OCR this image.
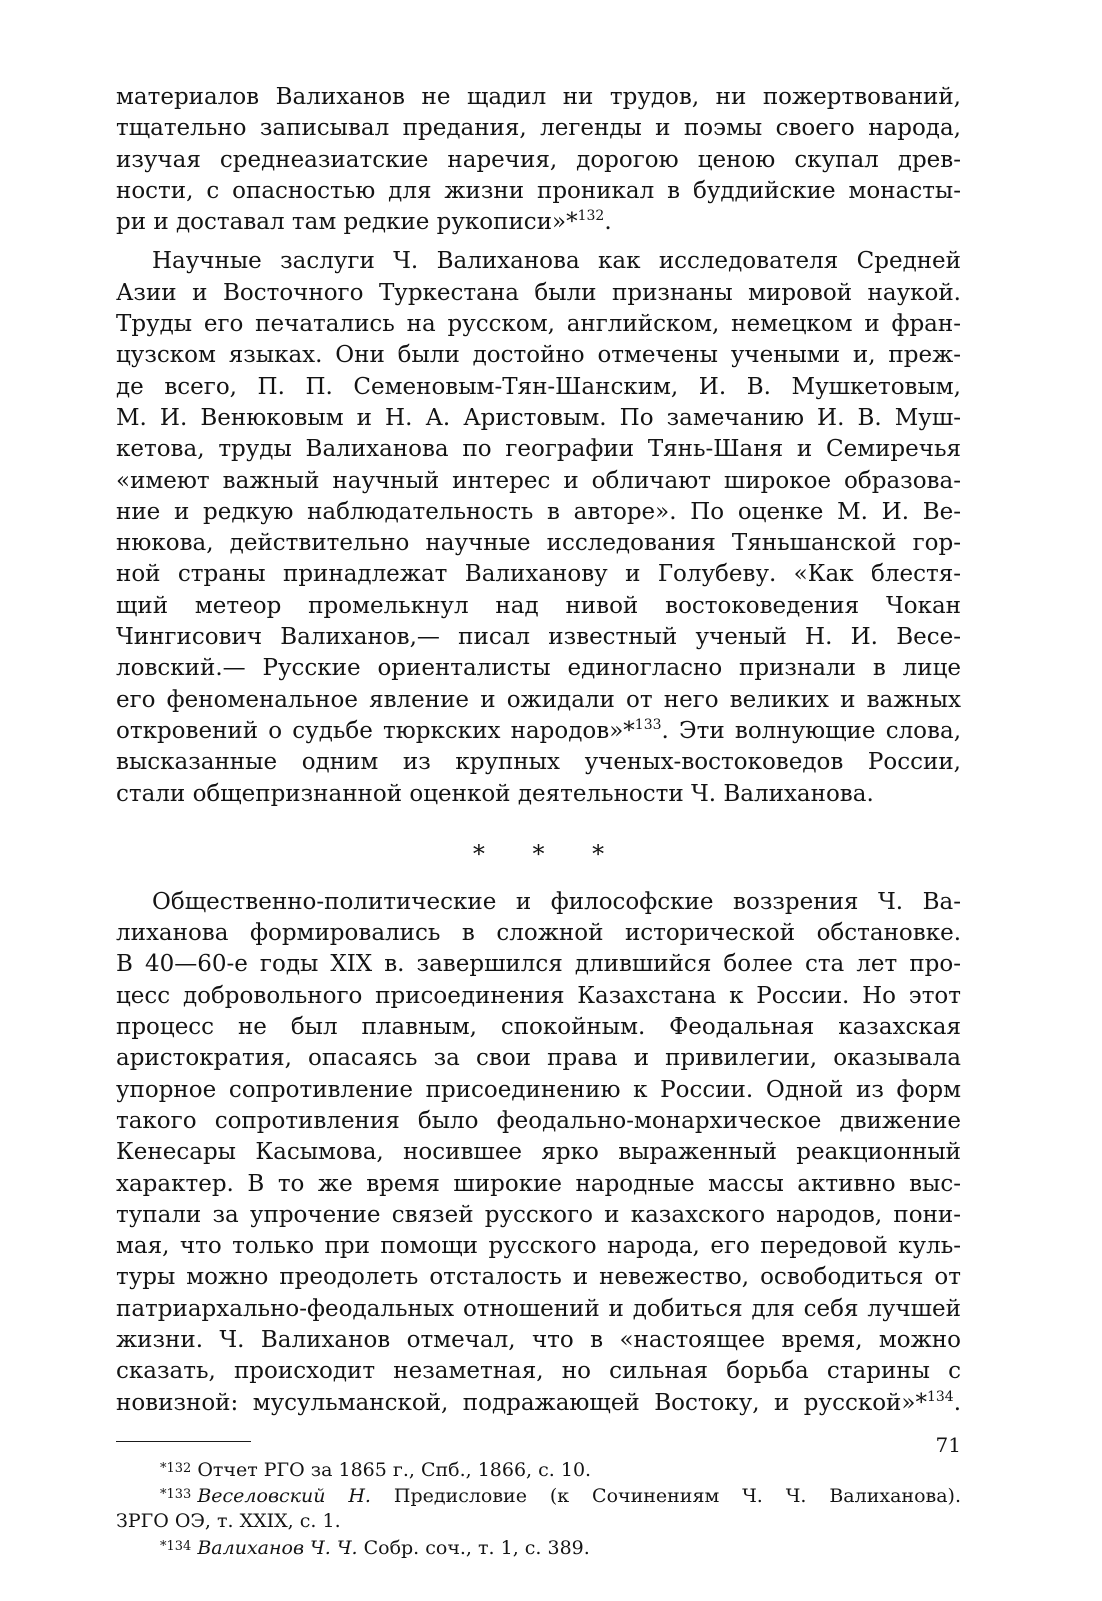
материалов Валиханов не щадил ни трудов, ни пожертвований,
тщательно записывал предания, легенды и поэмы своего народа,
изучая среднеазиатские наречия, дорогою ценою скупал древ-
ности, с опасностью для жизни проникал в буддийские монасты-
ри и доставал там редкие рукописи»*$^{132}$.
Научные заслуги Ч. Валиханова как исследователя Средней
Азии и Восточного Туркестана были признаны мировой наукой.
Труды его печатались на русском, английском, немецком и фран-
цузском языках. Они были достойно отмечены учеными и, преж-
де всего, П. П. Семеновым-Тян-Шанским, И. В. Мушкетовым,
М. И. Венюковым и Н. А. Аристовым. По замечанию И. В. Муш-
кетова, труды Валиханова по географии Тянь-Шаня и Семиречья
«имеют важный научный интерес и обличают широкое образова-
ние и редкую наблюдательность в авторе». По оценке М. И. Ве-
нюкова, действительно научные исследования Тяньшанской гор-
ной страны принадлежат Валиханову и Голубеву. «Как блестя-
щий метеор промелькнул над нивой востоковедения Чокан
Чингисович Валиханов,— писал известный ученый Н. И. Весе-
ловский.— Русские ориенталисты единогласно признали в лице
его феноменальное явление и ожидали от него великих и важных
откровений о судьбе тюркских народов»*$^{133}$. Эти волнующие слова,
высказанные одним из крупных ученых-востоковедов России,
стали общепризнанной оценкой деятельности Ч. Валиханова.
* * *
Общественно-политические и философские воззрения Ч. Ва-
лиханова формировались в сложной исторической обстановке.
В 40—60-е годы XIX в. завершился длившийся более ста лет про-
цесс добровольного присоединения Казахстана к России. Но этот
процесс не был плавным, спокойным. Феодальная казахская
аристократия, опасаясь за свои права и привилегии, оказывала
упорное сопротивление присоединению к России. Одной из форм
такого сопротивления было феодально-монархическое движение
Кенесары Касымова, носившее ярко выраженный реакционный
характер. В то же время широкие народные массы активно выс-
тупали за упрочение связей русского и казахского народов, пони-
мая, что только при помощи русского народа, его передовой куль-
туры можно преодолеть отсталость и невежество, освободиться от
патриархально-феодальных отношений и добиться для себя лучшей
жизни. Ч. Валиханов отмечал, что в «настоящее время, можно
сказать, происходит незаметная, но сильная борьба старины с
новизной: мусульманской, подражающей Востоку, и русской»*$^{134}$.
$^{*132}$ Отчет РГО за 1865 г., Спб., 1866, с. 10.
$^{*133}$ Веселовский Н. Предисловие (к Сочинениям Ч. Ч. Валиханова).
ЗРГО ОЭ, т. XXIX, с. 1.
$^{*134}$ Валиханов Ч. Ч. Собр. соч., т. 1, с. 389.
71
